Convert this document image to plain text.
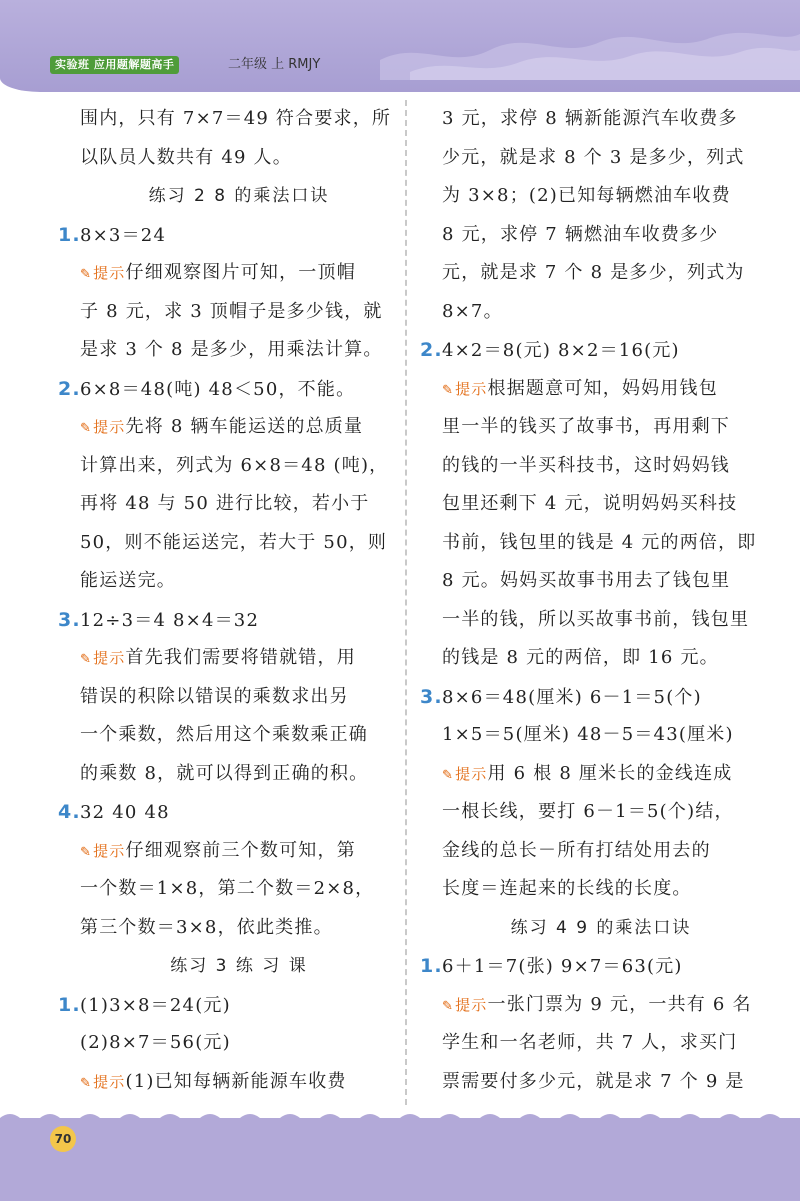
实验班 应用题解题高手	二年级 上 RMJY
围内，只有 7×7＝49 符合要求，所
以队员人数共有 49 人。
练习 2 8 的乘法口诀
1.8×3＝24
✎提示仔细观察图片可知，一顶帽
子 8 元，求 3 顶帽子是多少钱，就
是求 3 个 8 是多少，用乘法计算。
2.6×8＝48(吨) 48＜50，不能。
✎提示先将 8 辆车能运送的总质量
计算出来，列式为 6×8＝48 (吨)，
再将 48 与 50 进行比较，若小于
50，则不能运送完，若大于 50，则
能运送完。
3.12÷3＝4 8×4＝32
✎提示首先我们需要将错就错，用
错误的积除以错误的乘数求出另
一个乘数，然后用这个乘数乘正确
的乘数 8，就可以得到正确的积。
4.32 40 48
✎提示仔细观察前三个数可知，第
一个数＝1×8，第二个数＝2×8，
第三个数＝3×8，依此类推。
练习 3 练 习 课
1.(1)3×8＝24(元)
(2)8×7＝56(元)
✎提示(1)已知每辆新能源车收费
3 元，求停 8 辆新能源汽车收费多
少元，就是求 8 个 3 是多少，列式
为 3×8；(2)已知每辆燃油车收费
8 元，求停 7 辆燃油车收费多少
元，就是求 7 个 8 是多少，列式为
8×7。
2.4×2＝8(元) 8×2＝16(元)
✎提示根据题意可知，妈妈用钱包
里一半的钱买了故事书，再用剩下
的钱的一半买科技书，这时妈妈钱
包里还剩下 4 元，说明妈妈买科技
书前，钱包里的钱是 4 元的两倍，即
8 元。妈妈买故事书用去了钱包里
一半的钱，所以买故事书前，钱包里
的钱是 8 元的两倍，即 16 元。
3.8×6＝48(厘米) 6－1＝5(个)
1×5＝5(厘米) 48－5＝43(厘米)
✎提示用 6 根 8 厘米长的金线连成
一根长线，要打 6－1＝5(个)结，
金线的总长－所有打结处用去的
长度＝连起来的长线的长度。
练习 4 9 的乘法口诀
1.6＋1＝7(张) 9×7＝63(元)
✎提示一张门票为 9 元，一共有 6 名
学生和一名老师，共 7 人，求买门
票需要付多少元，就是求 7 个 9 是
70
